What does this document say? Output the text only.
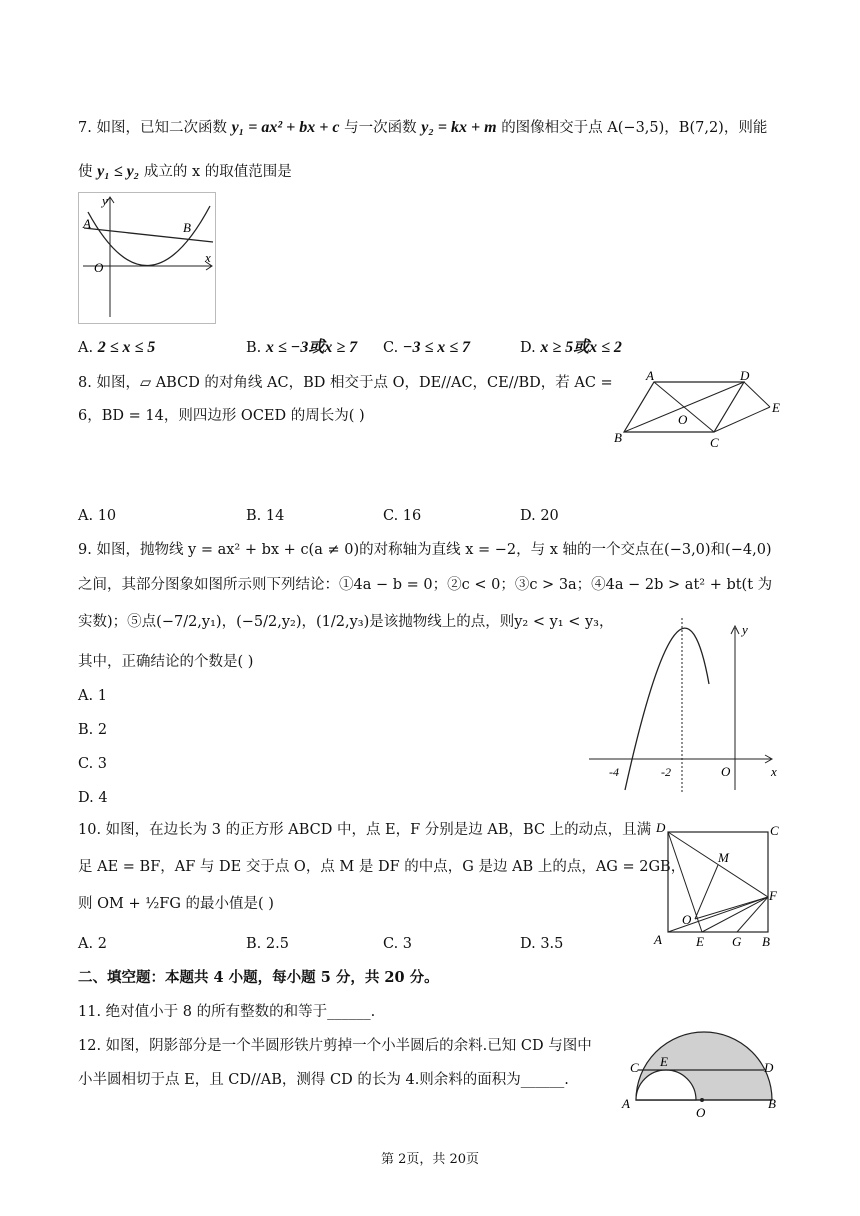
7. 如图，已知二次函数 y₁ = ax² + bx + c 与一次函数 y₂ = kx + m 的图像相交于点 A(−3,5)，B(7,2)，则能
使 y₁ ≤ y₂ 成立的 x 的取值范围是
y
A	B
O
x
A. 2 ≤ x ≤ 5	B. x ≤ −3或x ≥ 7 C. −3 ≤ x ≤ 7	D. x ≥ 5或x ≤ 2
8. 如图，▱ ABCD 的对角线 AC，BD 相交于点 O，DE//AC，CE//BD，若 AC =
6，BD = 14，则四边形 OCED 的周长为( )
A	D
E
O
B	C
A. 10	B. 14	C. 16	D. 20
9. 如图，抛物线 y = ax² + bx + c(a ≠ 0)的对称轴为直线 x = −2，与 x 轴的一个交点在(−3,0)和(−4,0)
之间，其部分图象如图所示则下列结论：①4a − b = 0；②c < 0；③c > 3a；④4a − 2b > at² + bt(t 为
实数)；⑤点(−7/2,y₁)，(−5/2,y₂)，(1/2,y₃)是该抛物线上的点，则y₂ < y₁ < y₃，
其中，正确结论的个数是( )
A. 1
B. 2
C. 3
D. 4
y
-4	-2	O	x
10. 如图，在边长为 3 的正方形 ABCD 中，点 E，F 分别是边 AB，BC 上的动点，且满
足 AE = BF，AF 与 DE 交于点 O，点 M 是 DF 的中点，G 是边 AB 上的点，AG = 2GB，
则 OM + ½FG 的最小值是( )
D	C
M
F
O
A	E G B
A. 2	B. 2.5	C. 3	D. 3.5
二、填空题：本题共 4 小题，每小题 5 分，共 20 分。
11. 绝对值小于 8 的所有整数的和等于______.
12. 如图，阴影部分是一个半圆形铁片剪掉一个小半圆后的余料.已知 CD 与图中
小半圆相切于点 E，且 CD//AB，测得 CD 的长为 4.则余料的面积为______.
C E	D
A
O
B
第 2页，共 20页
